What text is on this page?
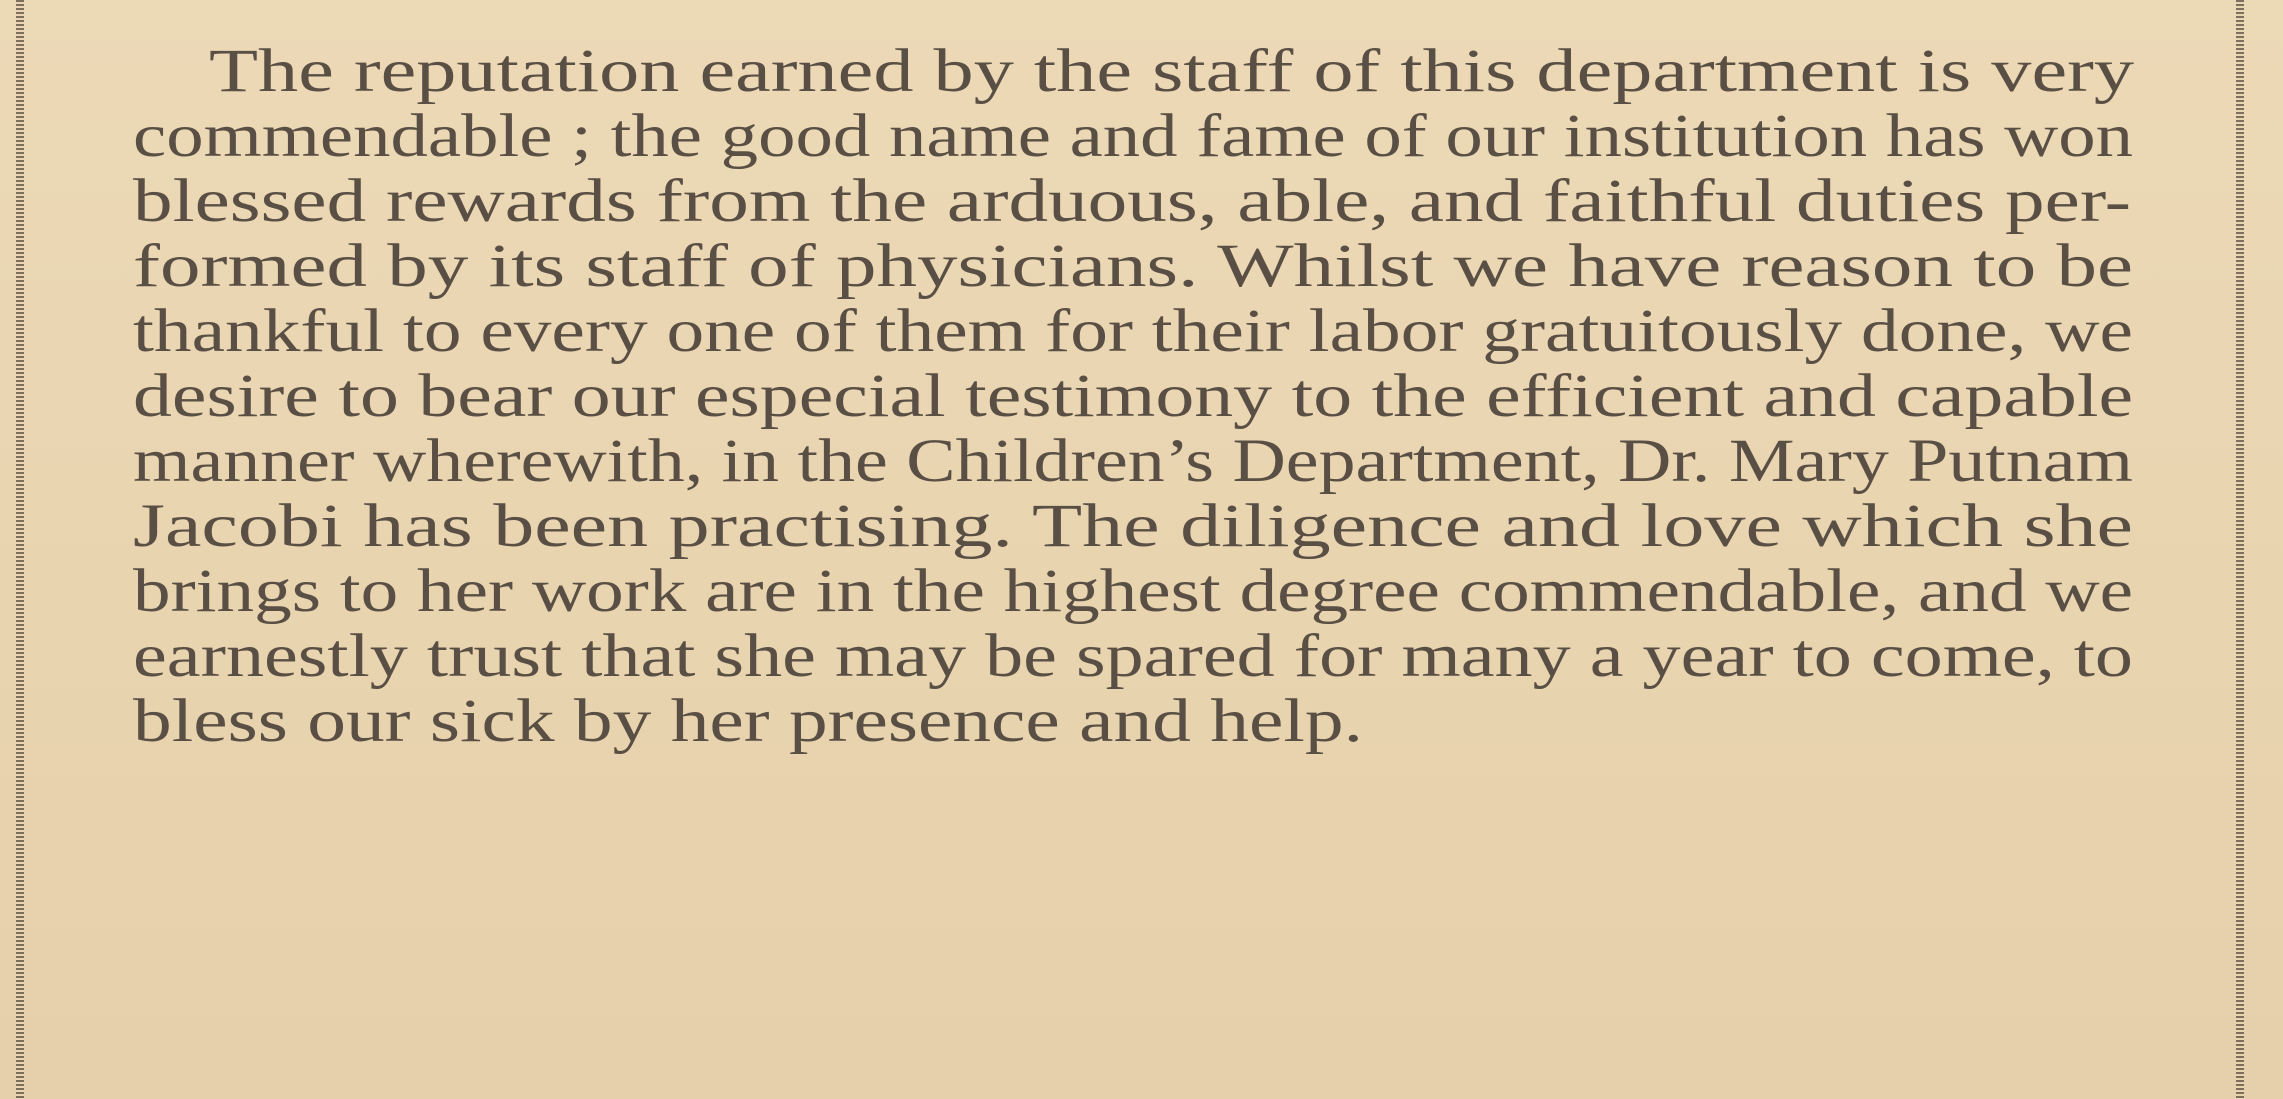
The reputation earned by the staff of this department is very
commendable ; the good name and fame of our institution has won
blessed rewards from the arduous, able, and faithful duties per-
formed by its staff of physicians. Whilst we have reason to be
thankful to every one of them for their labor gratuitously done, we
desire to bear our especial testimony to the efficient and capable
manner wherewith, in the Children’s Department, Dr. Mary Putnam
Jacobi has been practising. The diligence and love which she
brings to her work are in the highest degree commendable, and we
earnestly trust that she may be spared for many a year to come, to
bless our sick by her presence and help.
